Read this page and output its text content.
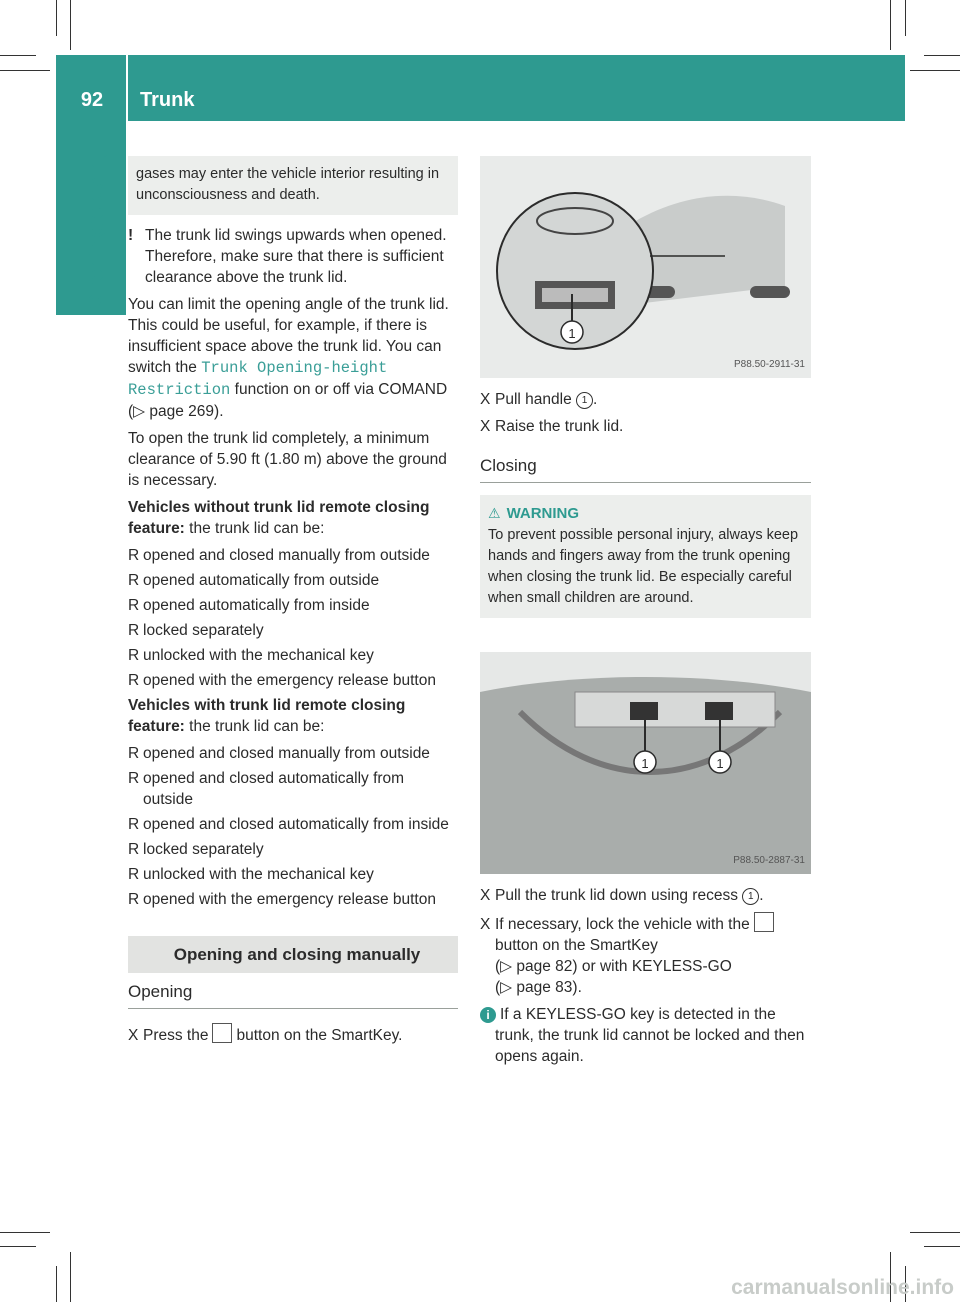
92	Trunk
Opening/closing	gases may enter the vehicle interior resulting in unconsciousness and death.

! The trunk lid swings upwards when opened. Therefore, make sure that there is sufficient clearance above the trunk lid.

You can limit the opening angle of the trunk lid. This could be useful, for example, if there is insufficient space above the trunk lid. You can switch the Trunk Opening-height Restriction function on or off via COMAND (▷ page 269).

To open the trunk lid completely, a minimum clearance of 5.90 ft (1.80 m) above the ground is necessary.

Vehicles without trunk lid remote closing feature: the trunk lid can be:

R opened and closed manually from outside
R opened automatically from outside
R opened automatically from inside
R locked separately
R unlocked with the mechanical key
R opened with the emergency release button

Vehicles with trunk lid remote closing feature: the trunk lid can be:

R opened and closed manually from outside
R opened and closed automatically from outside
R opened and closed automatically from inside
R locked separately
R unlocked with the mechanical key
R opened with the emergency release button
Opening and closing manually
Opening
X Press the button on the SmartKey.
1
P88.50-2911-31
X Pull handle 1 .
X Raise the trunk lid.
Closing
⚠ WARNING
To prevent possible personal injury, always keep hands and fingers away from the trunk opening when closing the trunk lid. Be especially careful when small children are around.
1	1
P88.50-2887-31
X Pull the trunk lid down using recess 1 .
X If necessary, lock the vehicle with thebutton on the SmartKey
(▷ page 82) or with KEYLESS-GO
(▷ page 83).
i If a KEYLESS-GO key is detected in the trunk, the trunk lid cannot be locked and then opens again.
carmanualsonline.info
